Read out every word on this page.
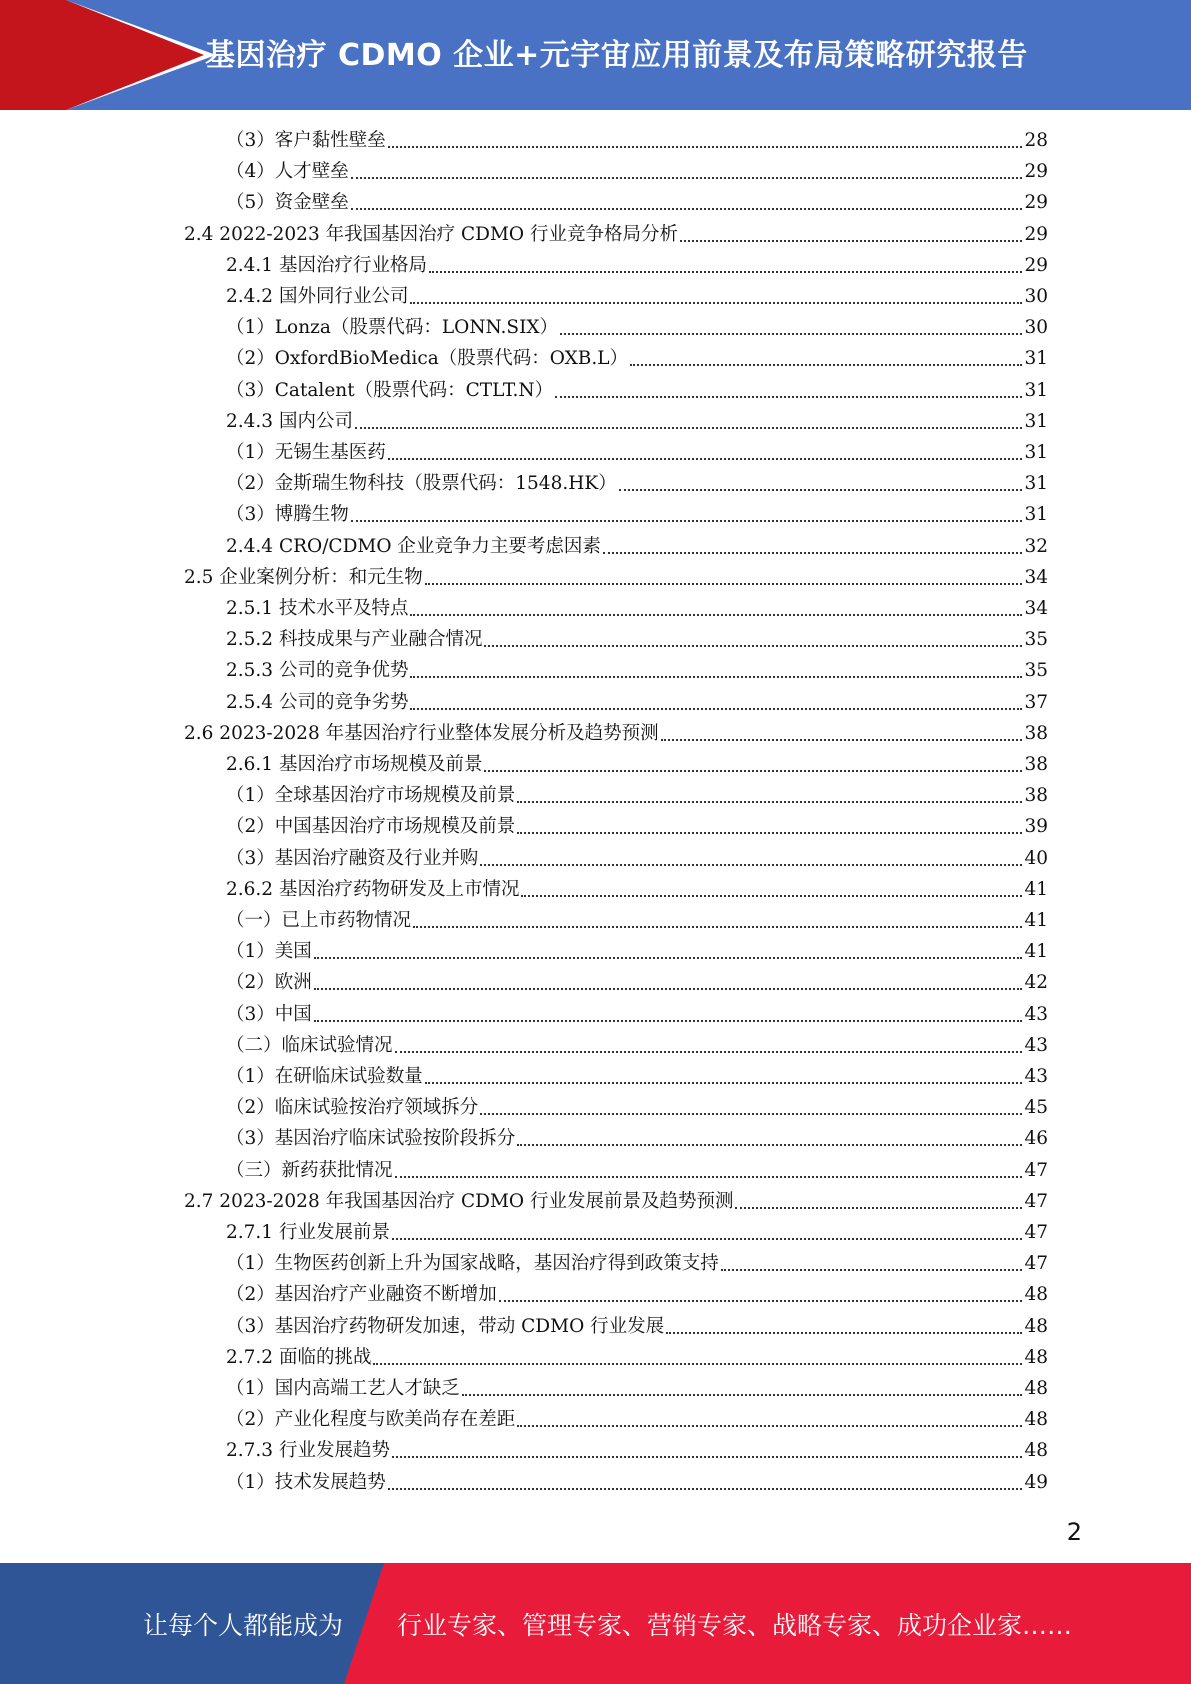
基因治疗 CDMO 企业+元宇宙应用前景及布局策略研究报告
（3）客户黏性壁垒	28
（4）人才壁垒	29
（5）资金壁垒	29
2.4 2022-2023 年我国基因治疗 CDMO 行业竞争格局分析	29
2.4.1 基因治疗行业格局	29
2.4.2 国外同行业公司	30
（1）Lonza（股票代码：LONN.SIX）	30
（2）OxfordBioMedica（股票代码：OXB.L）	31
（3）Catalent（股票代码：CTLT.N）	31
2.4.3 国内公司	31
（1）无锡生基医药	31
（2）金斯瑞生物科技（股票代码：1548.HK）	31
（3）博腾生物	31
2.4.4 CRO/CDMO 企业竞争力主要考虑因素	32
2.5 企业案例分析：和元生物	34
2.5.1 技术水平及特点	34
2.5.2 科技成果与产业融合情况	35
2.5.3 公司的竞争优势	35
2.5.4 公司的竞争劣势	37
2.6 2023-2028 年基因治疗行业整体发展分析及趋势预测	38
2.6.1 基因治疗市场规模及前景	38
（1）全球基因治疗市场规模及前景	38
（2）中国基因治疗市场规模及前景	39
（3）基因治疗融资及行业并购	40
2.6.2 基因治疗药物研发及上市情况	41
（一）已上市药物情况	41
（1）美国	41
（2）欧洲	42
（3）中国	43
（二）临床试验情况	43
（1）在研临床试验数量	43
（2）临床试验按治疗领域拆分	45
（3）基因治疗临床试验按阶段拆分	46
（三）新药获批情况	47
2.7 2023-2028 年我国基因治疗 CDMO 行业发展前景及趋势预测	47
2.7.1 行业发展前景	47
（1）生物医药创新上升为国家战略，基因治疗得到政策支持	47
（2）基因治疗产业融资不断增加	48
（3）基因治疗药物研发加速，带动 CDMO 行业发展	48
2.7.2 面临的挑战	48
（1）国内高端工艺人才缺乏	48
（2）产业化程度与欧美尚存在差距	48
2.7.3 行业发展趋势	48
（1）技术发展趋势	49
2
让每个人都能成为 行业专家、管理专家、营销专家、战略专家、成功企业家……
